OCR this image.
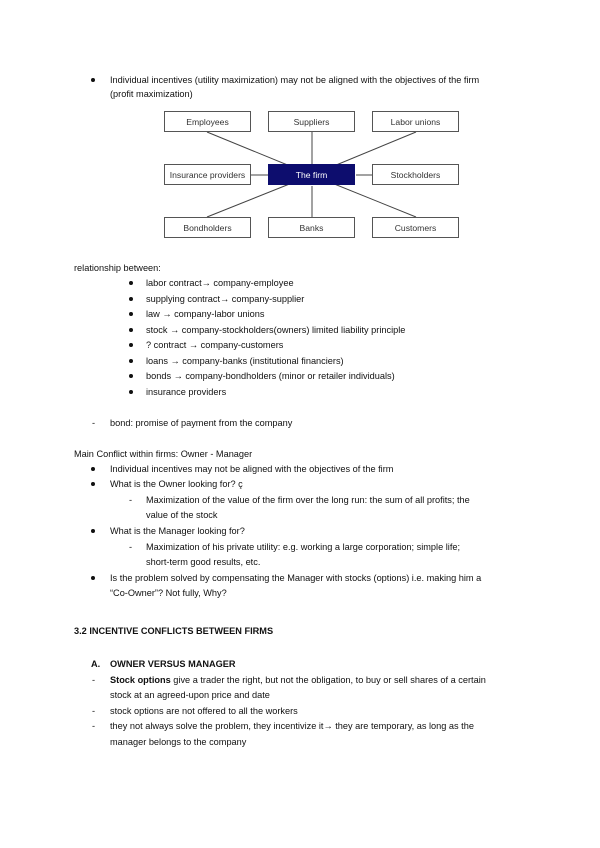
Individual incentives (utility maximization) may not be aligned with the objectives of the firm
(profit maximization)
Employees	Suppliers	Labor unions
Insurance providers	The firm	Stockholders
Bondholders	Banks	Customers
relationship between:
labor contract→ company-employee
supplying contract→ company-supplier
law → company-labor unions
stock → company-stockholders(owners) limited liability principle
? contract → company-customers
loans → company-banks (institutional financiers)
bonds → company-bondholders (minor or retailer individuals)
insurance providers
- bond: promise of payment from the company
Main Conflict within firms: Owner - Manager
Individual incentives may not be aligned with the objectives of the firm
What is the Owner looking for? ç
- Maximization of the value of the firm over the long run: the sum of all profits; the
value of the stock
What is the Manager looking for?
- Maximization of his private utility: e.g. working a large corporation; simple life;
short-term good results, etc.
Is the problem solved by compensating the Manager with stocks (options) i.e. making him a
“Co-Owner”? Not fully, Why?
3.2 INCENTIVE CONFLICTS BETWEEN FIRMS
A. OWNER VERSUS MANAGER
- Stock options give a trader the right, but not the obligation, to buy or sell shares of a certain
stock at an agreed-upon price and date
- stock options are not offered to all the workers
- they not always solve the problem, they incentivize it→ they are temporary, as long as the
manager belongs to the company
